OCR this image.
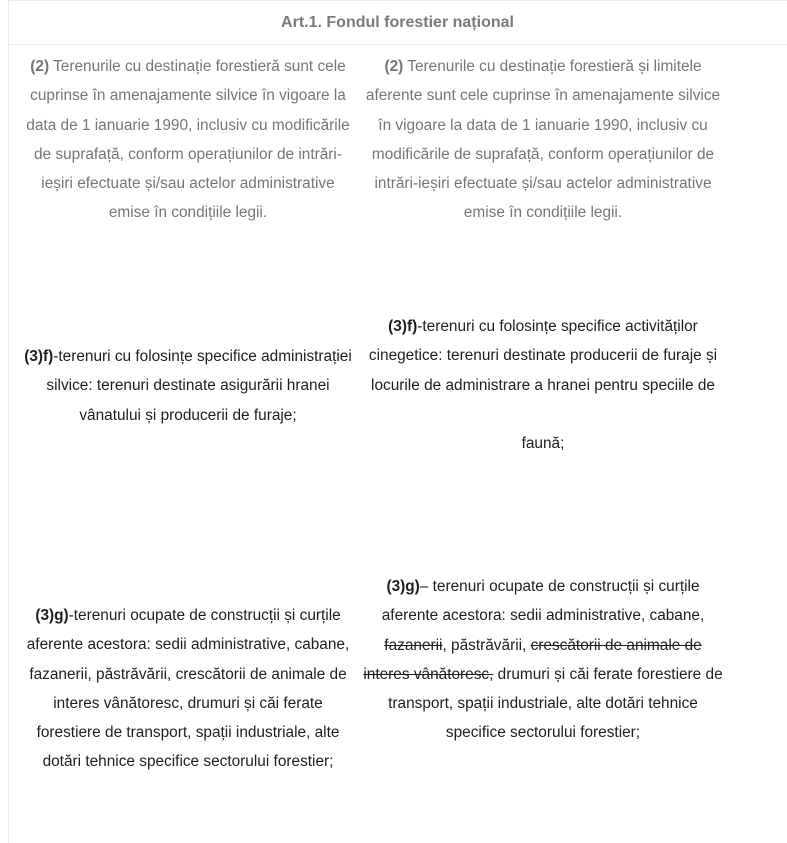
Art.1. Fondul forestier național
(2) Terenurile cu destinație forestieră sunt cele cuprinse în amenajamente silvice în vigoare la data de 1 ianuarie 1990, inclusiv cu modificările de suprafață, conform operațiunilor de intrări-ieșiri efectuate și/sau actelor administrative emise în condițiile legii.
(2) Terenurile cu destinație forestieră și limitele aferente sunt cele cuprinse în amenajamente silvice în vigoare la data de 1 ianuarie 1990, inclusiv cu modificările de suprafață, conform operațiunilor de intrări-ieșiri efectuate și/sau actelor administrative emise în condițiile legii.
(3)f)-terenuri cu folosințe specifice administrației silvice: terenuri destinate asigurării hranei vânatului și producerii de furaje;
(3)f)-terenuri cu folosințe specifice activităților cinegetice: terenuri destinate producerii de furaje și locurile de administrare a hranei pentru speciile de
faună;
(3)g)-terenuri ocupate de construcții și curțile aferente acestora: sedii administrative, cabane, fazanerii, păstrăvării, crescătorii de animale de interes vânătoresc, drumuri și căi ferate forestiere de transport, spații industriale, alte dotări tehnice specifice sectorului forestier;
(3)g)– terenuri ocupate de construcții și curțile aferente acestora: sedii administrative, cabane, fazanerii, păstrăvării, crescătorii de animale de interes vânătoresc, drumuri și căi ferate forestiere de transport, spații industriale, alte dotări tehnice specifice sectorului forestier;
